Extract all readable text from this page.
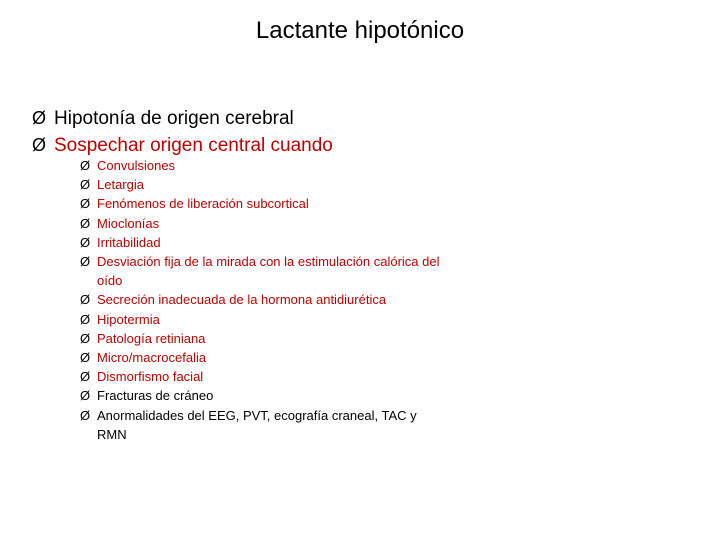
Lactante hipotónico
Ø Hipotonía de origen cerebral
Ø Sospechar origen central cuando
Ø Convulsiones
Ø Letargia
Ø Fenómenos de liberación subcortical
Ø Mioclonías
Ø Irritabilidad
Ø Desviación fija de la mirada con la estimulación calórica del oído
Ø Secreción inadecuada de la hormona antidiurética
Ø Hipotermia
Ø Patología retiniana
Ø Micro/macrocefalia
Ø Dismorfismo facial
Ø Fracturas de cráneo
Ø Anormalidades del EEG, PVT, ecografía craneal, TAC y RMN
